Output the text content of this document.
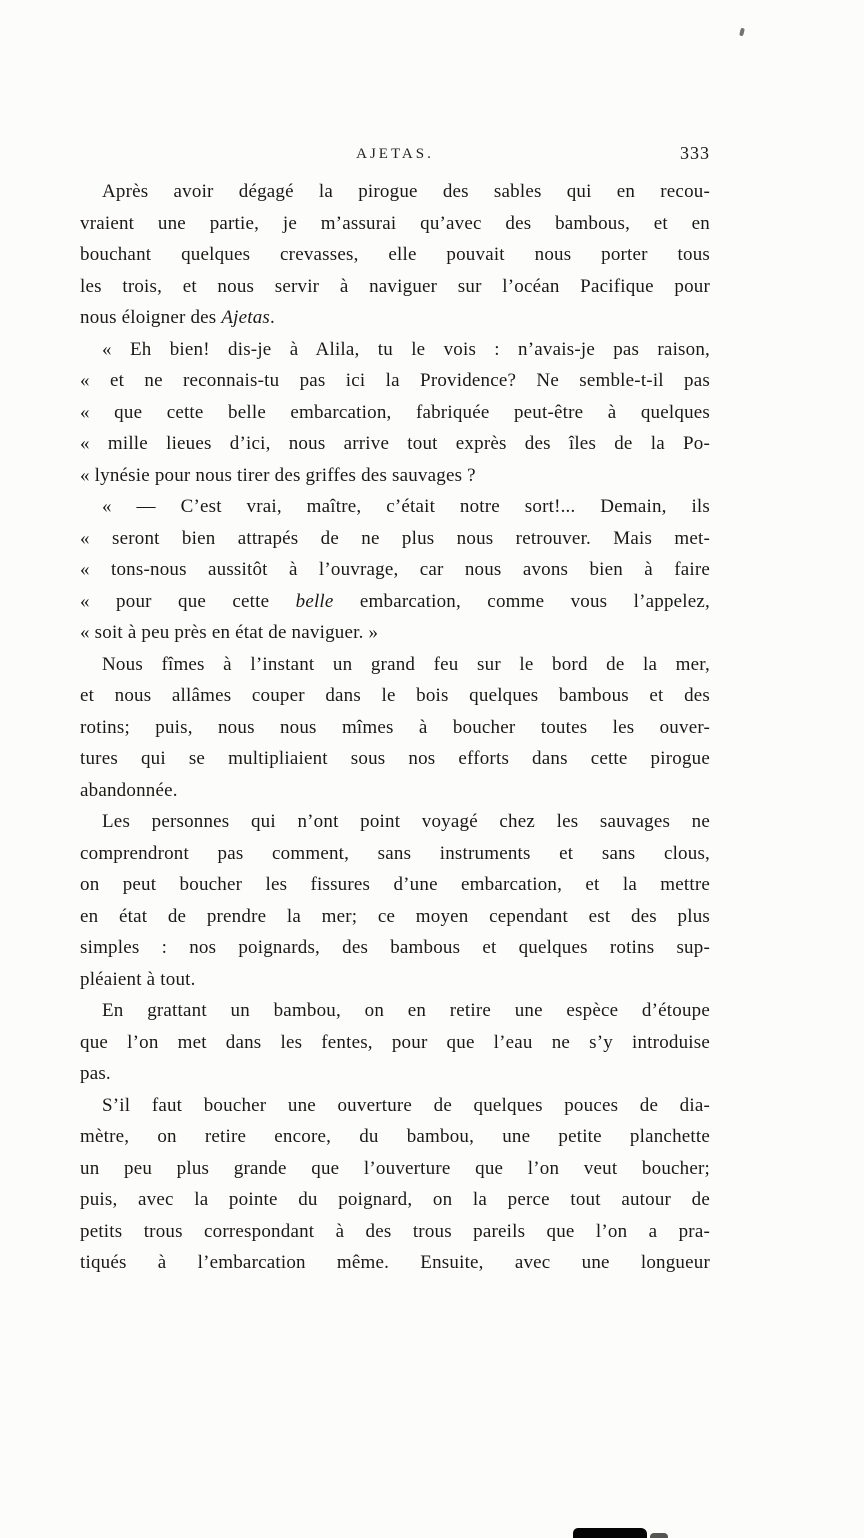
AJETAS.	333
Après avoir dégagé la pirogue des sables qui en recou-
vraient une partie, je m’assurai qu’avec des bambous, et en
bouchant quelques crevasses, elle pouvait nous porter tous
les trois, et nous servir à naviguer sur l’océan Pacifique pour
nous éloigner des Ajetas.
« Eh bien! dis-je à Alila, tu le vois : n’avais-je pas raison,
« et ne reconnais-tu pas ici la Providence? Ne semble-t-il pas
« que cette belle embarcation, fabriquée peut-être à quelques
« mille lieues d’ici, nous arrive tout exprès des îles de la Po-
« lynésie pour nous tirer des griffes des sauvages ?
« — C’est vrai, maître, c’était notre sort!... Demain, ils
« seront bien attrapés de ne plus nous retrouver. Mais met-
« tons-nous aussitôt à l’ouvrage, car nous avons bien à faire
« pour que cette belle embarcation, comme vous l’appelez,
« soit à peu près en état de naviguer. »
Nous fîmes à l’instant un grand feu sur le bord de la mer,
et nous allâmes couper dans le bois quelques bambous et des
rotins; puis, nous nous mîmes à boucher toutes les ouver-
tures qui se multipliaient sous nos efforts dans cette pirogue
abandonnée.
Les personnes qui n’ont point voyagé chez les sauvages ne
comprendront pas comment, sans instruments et sans clous,
on peut boucher les fissures d’une embarcation, et la mettre
en état de prendre la mer; ce moyen cependant est des plus
simples : nos poignards, des bambous et quelques rotins sup-
pléaient à tout.
En grattant un bambou, on en retire une espèce d’étoupe
que l’on met dans les fentes, pour que l’eau ne s’y introduise
pas.
S’il faut boucher une ouverture de quelques pouces de dia-
mètre, on retire encore, du bambou, une petite planchette
un peu plus grande que l’ouverture que l’on veut boucher;
puis, avec la pointe du poignard, on la perce tout autour de
petits trous correspondant à des trous pareils que l’on a pra-
tiqués à l’embarcation même. Ensuite, avec une longueur
